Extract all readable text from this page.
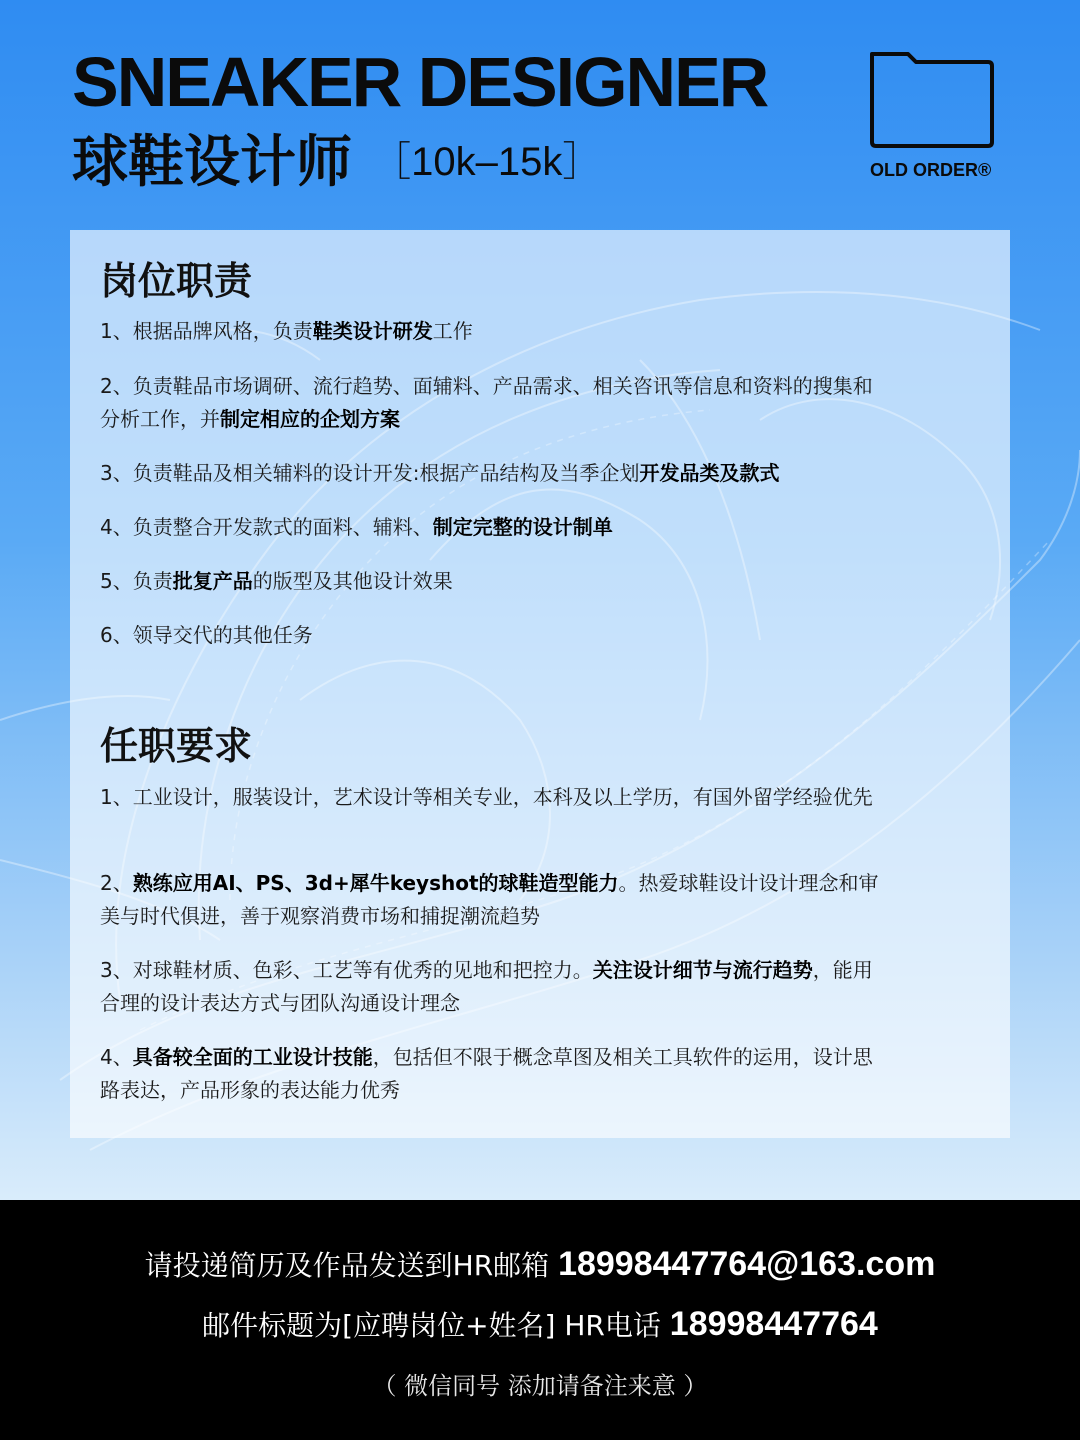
SNEAKER DESIGNER
球鞋设计师 ［10k–15k］	OLD ORDER®
岗位职责
1、根据品牌风格，负责鞋类设计研发工作
2、负责鞋品市场调研、流行趋势、面辅料、产品需求、相关咨讯等信息和资料的搜集和分析工作，并制定相应的企划方案
3、负责鞋品及相关辅料的设计开发:根据产品结构及当季企划开发品类及款式
4、负责整合开发款式的面料、辅料、制定完整的设计制单
5、负责批复产品的版型及其他设计效果
6、领导交代的其他任务
任职要求
1、工业设计，服装设计，艺术设计等相关专业，本科及以上学历，有国外留学经验优先
2、熟练应用AI、PS、3d+犀牛keyshot的球鞋造型能力。热爱球鞋设计设计理念和审美与时代俱进，善于观察消费市场和捕捉潮流趋势
3、对球鞋材质、色彩、工艺等有优秀的见地和把控力。关注设计细节与流行趋势，能用合理的设计表达方式与团队沟通设计理念
4、具备较全面的工业设计技能，包括但不限于概念草图及相关工具软件的运用，设计思路表达，产品形象的表达能力优秀
请投递简历及作品发送到HR邮箱 18998447764@163.com
邮件标题为[应聘岗位+姓名] HR电话 18998447764
（ 微信同号 添加请备注来意 ）
